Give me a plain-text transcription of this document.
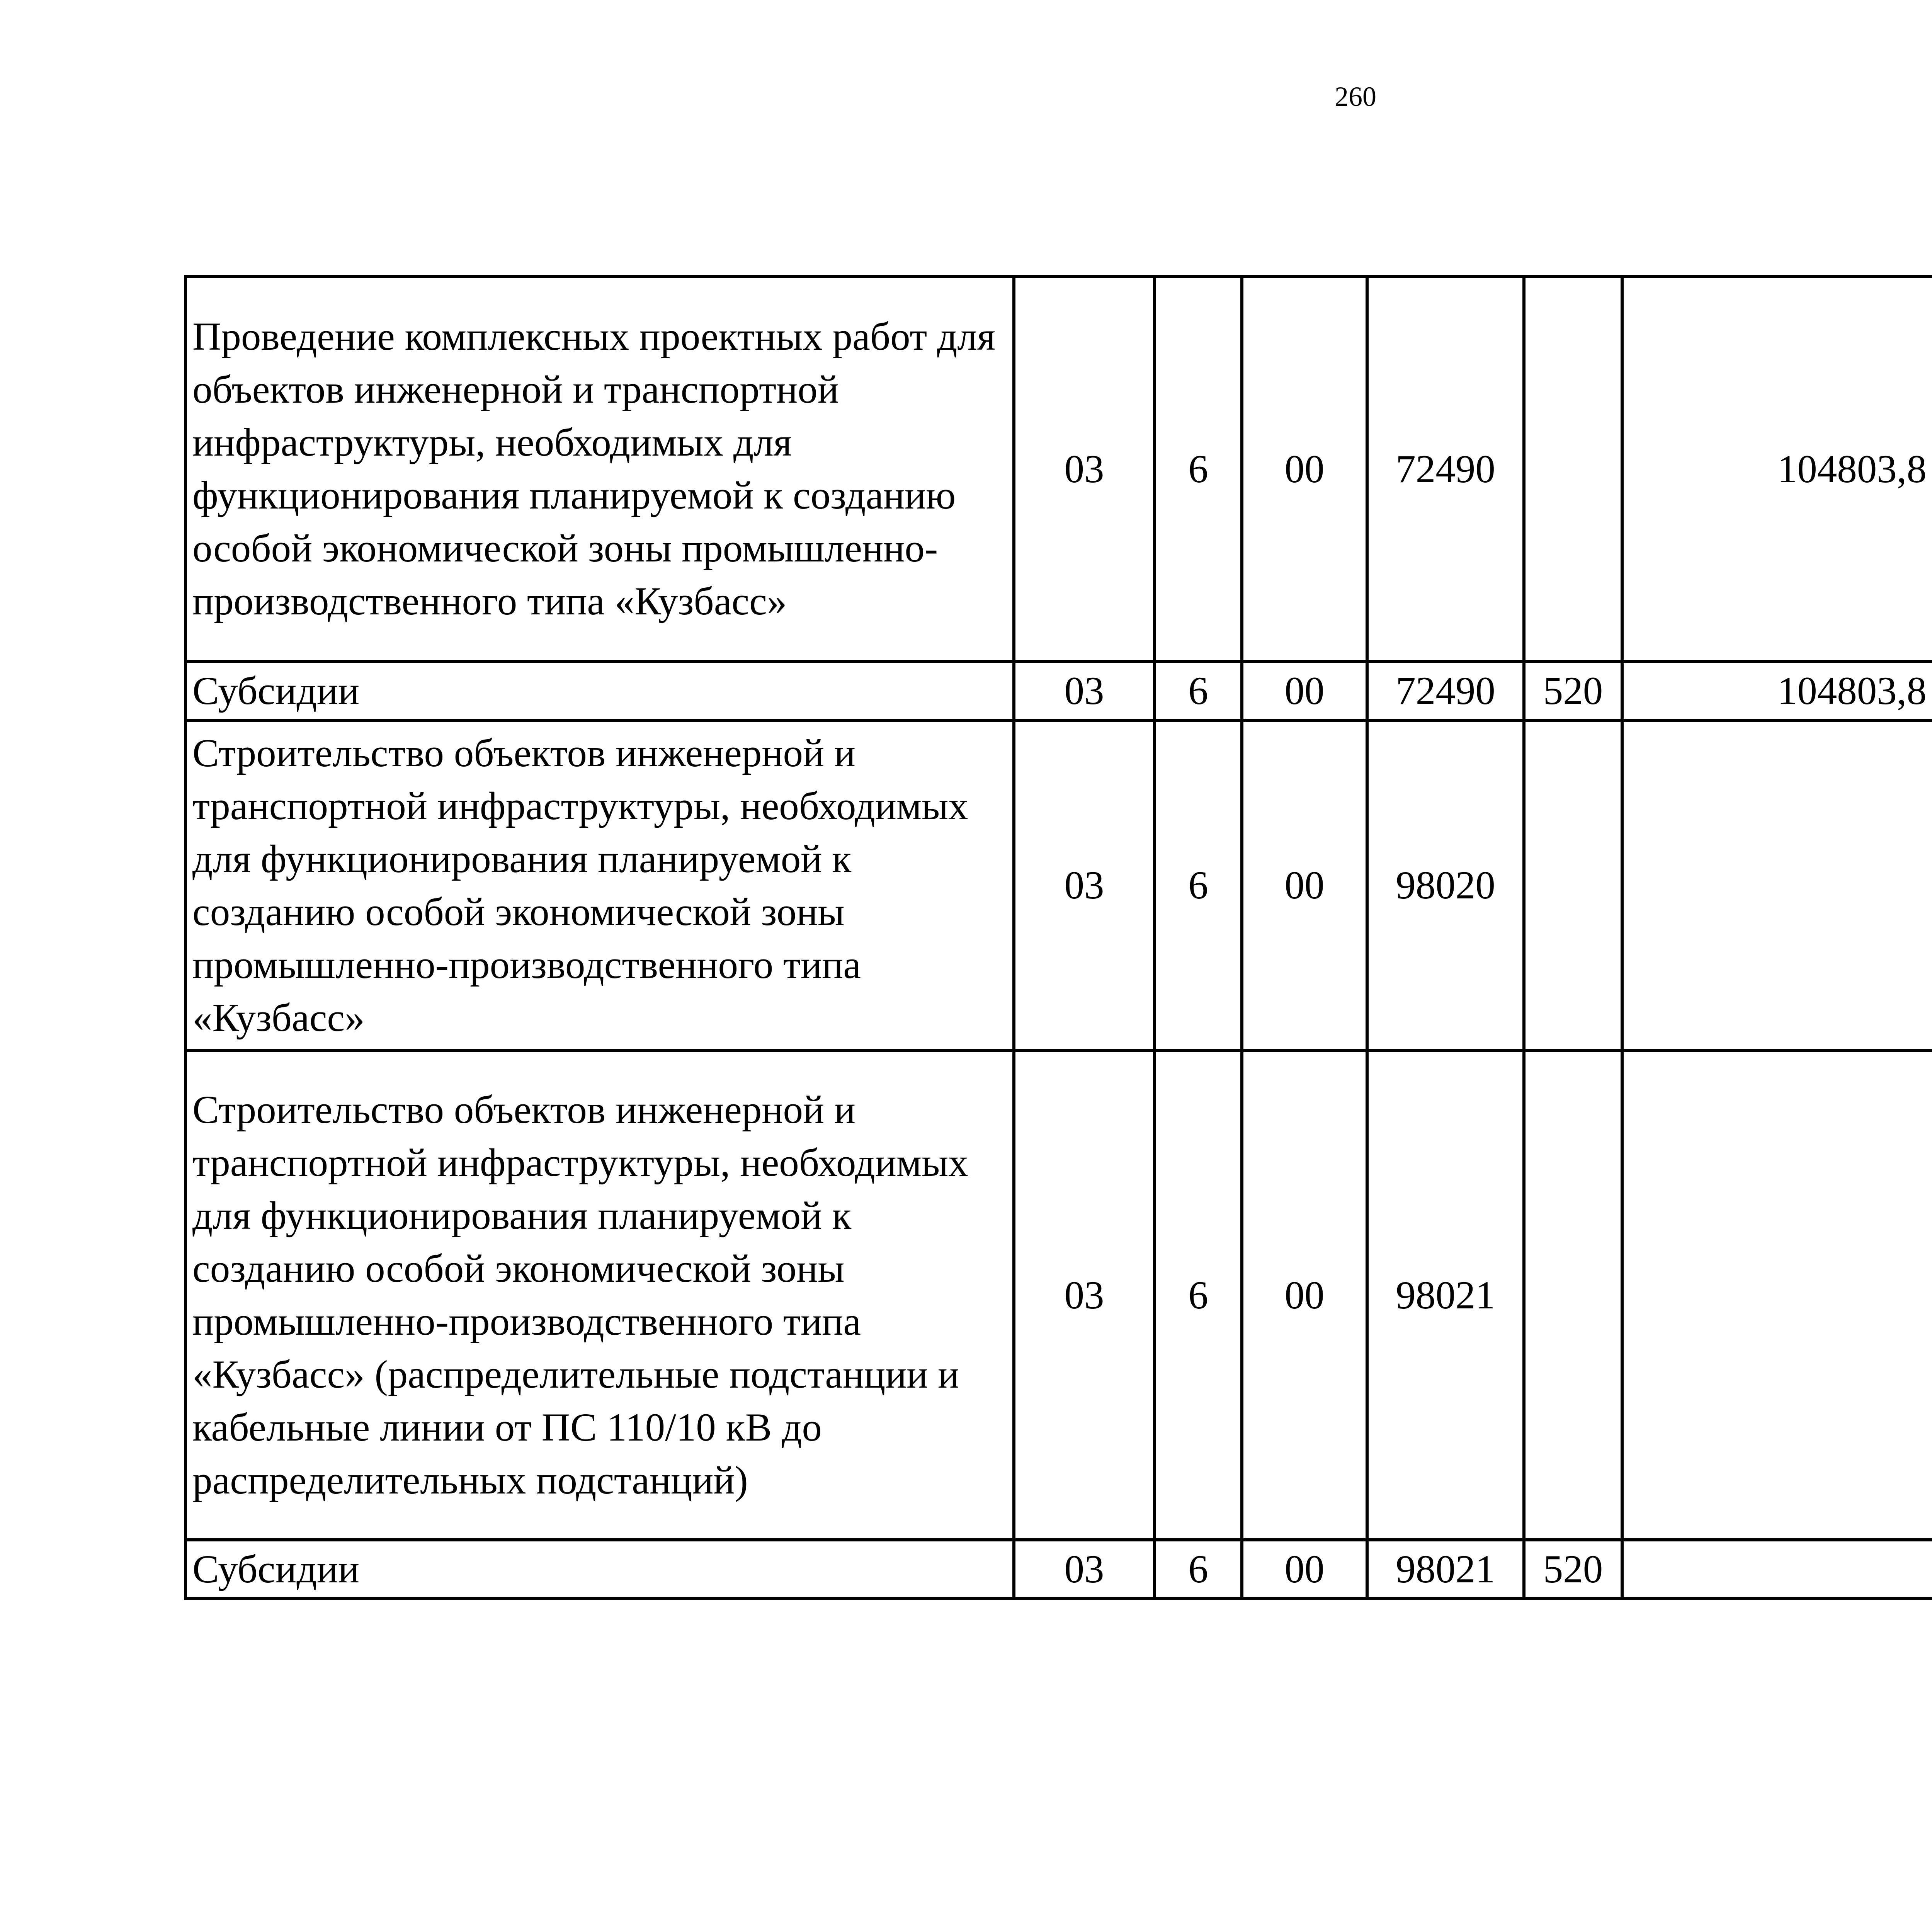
260
Проведение комплексных проектных работ для объектов инженерной и транспортной инфраструктуры, необходимых для функционирования планируемой к созданию особой экономической зоны промышленно-производственного типа «Кузбасс»	03	6	00	72490		104803,8		
Субсидии	03	6	00	72490	520	104803,8		
Строительство объектов инженерной и транспортной инфраструктуры, необходимых для функционирования планируемой к созданию особой экономической зоны промышленно-производственного типа «Кузбасс»	03	6	00	98020				
Строительство объектов инженерной и транспортной инфраструктуры, необходимых для функционирования планируемой к созданию особой экономической зоны промышленно-производственного типа «Кузбасс» (распределительные подстанции и кабельные линии от ПС 110/10 кВ до распределительных подстанций)	03	6	00	98021				
Субсидии	03	6	00	98021	520			
